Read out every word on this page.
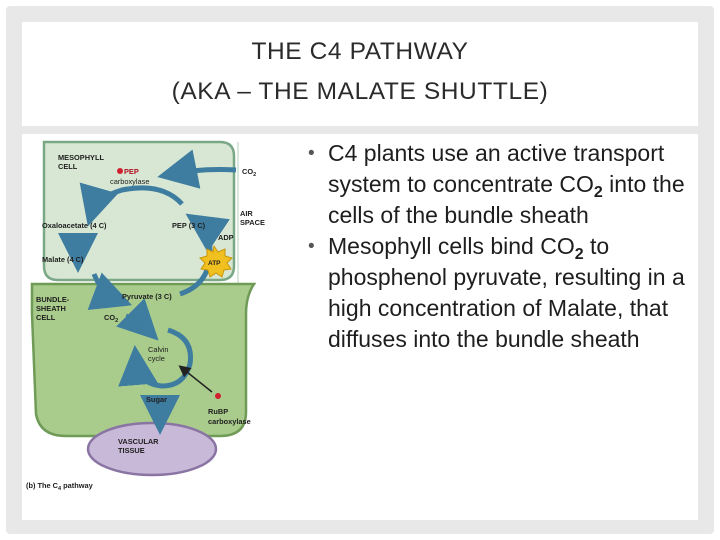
THE C4 PATHWAY
(AKA – THE MALATE SHUTTLE)
MESOPHYLL CELL
$CO_2$
PEP
carboxylase
Oxaloacetate (4 C)	PEP (3 C)
ADP
AIR SPACE
Malate (4 C)	ATP
BUNDLE-SHEATH CELL
Pyruvate (3 C)
$CO_2$
Calvin cycle
Sugar
RuBP
carboxylase
VASCULAR TISSUE
(b) The $C_4$ pathway
• C4 plants use an active transport system to concentrate $CO_2$ into the cells of the bundle sheath
• Mesophyll cells bind $CO_2$ to phosphenol pyruvate, resulting in a high concentration of Malate, that diffuses into the bundle sheath
